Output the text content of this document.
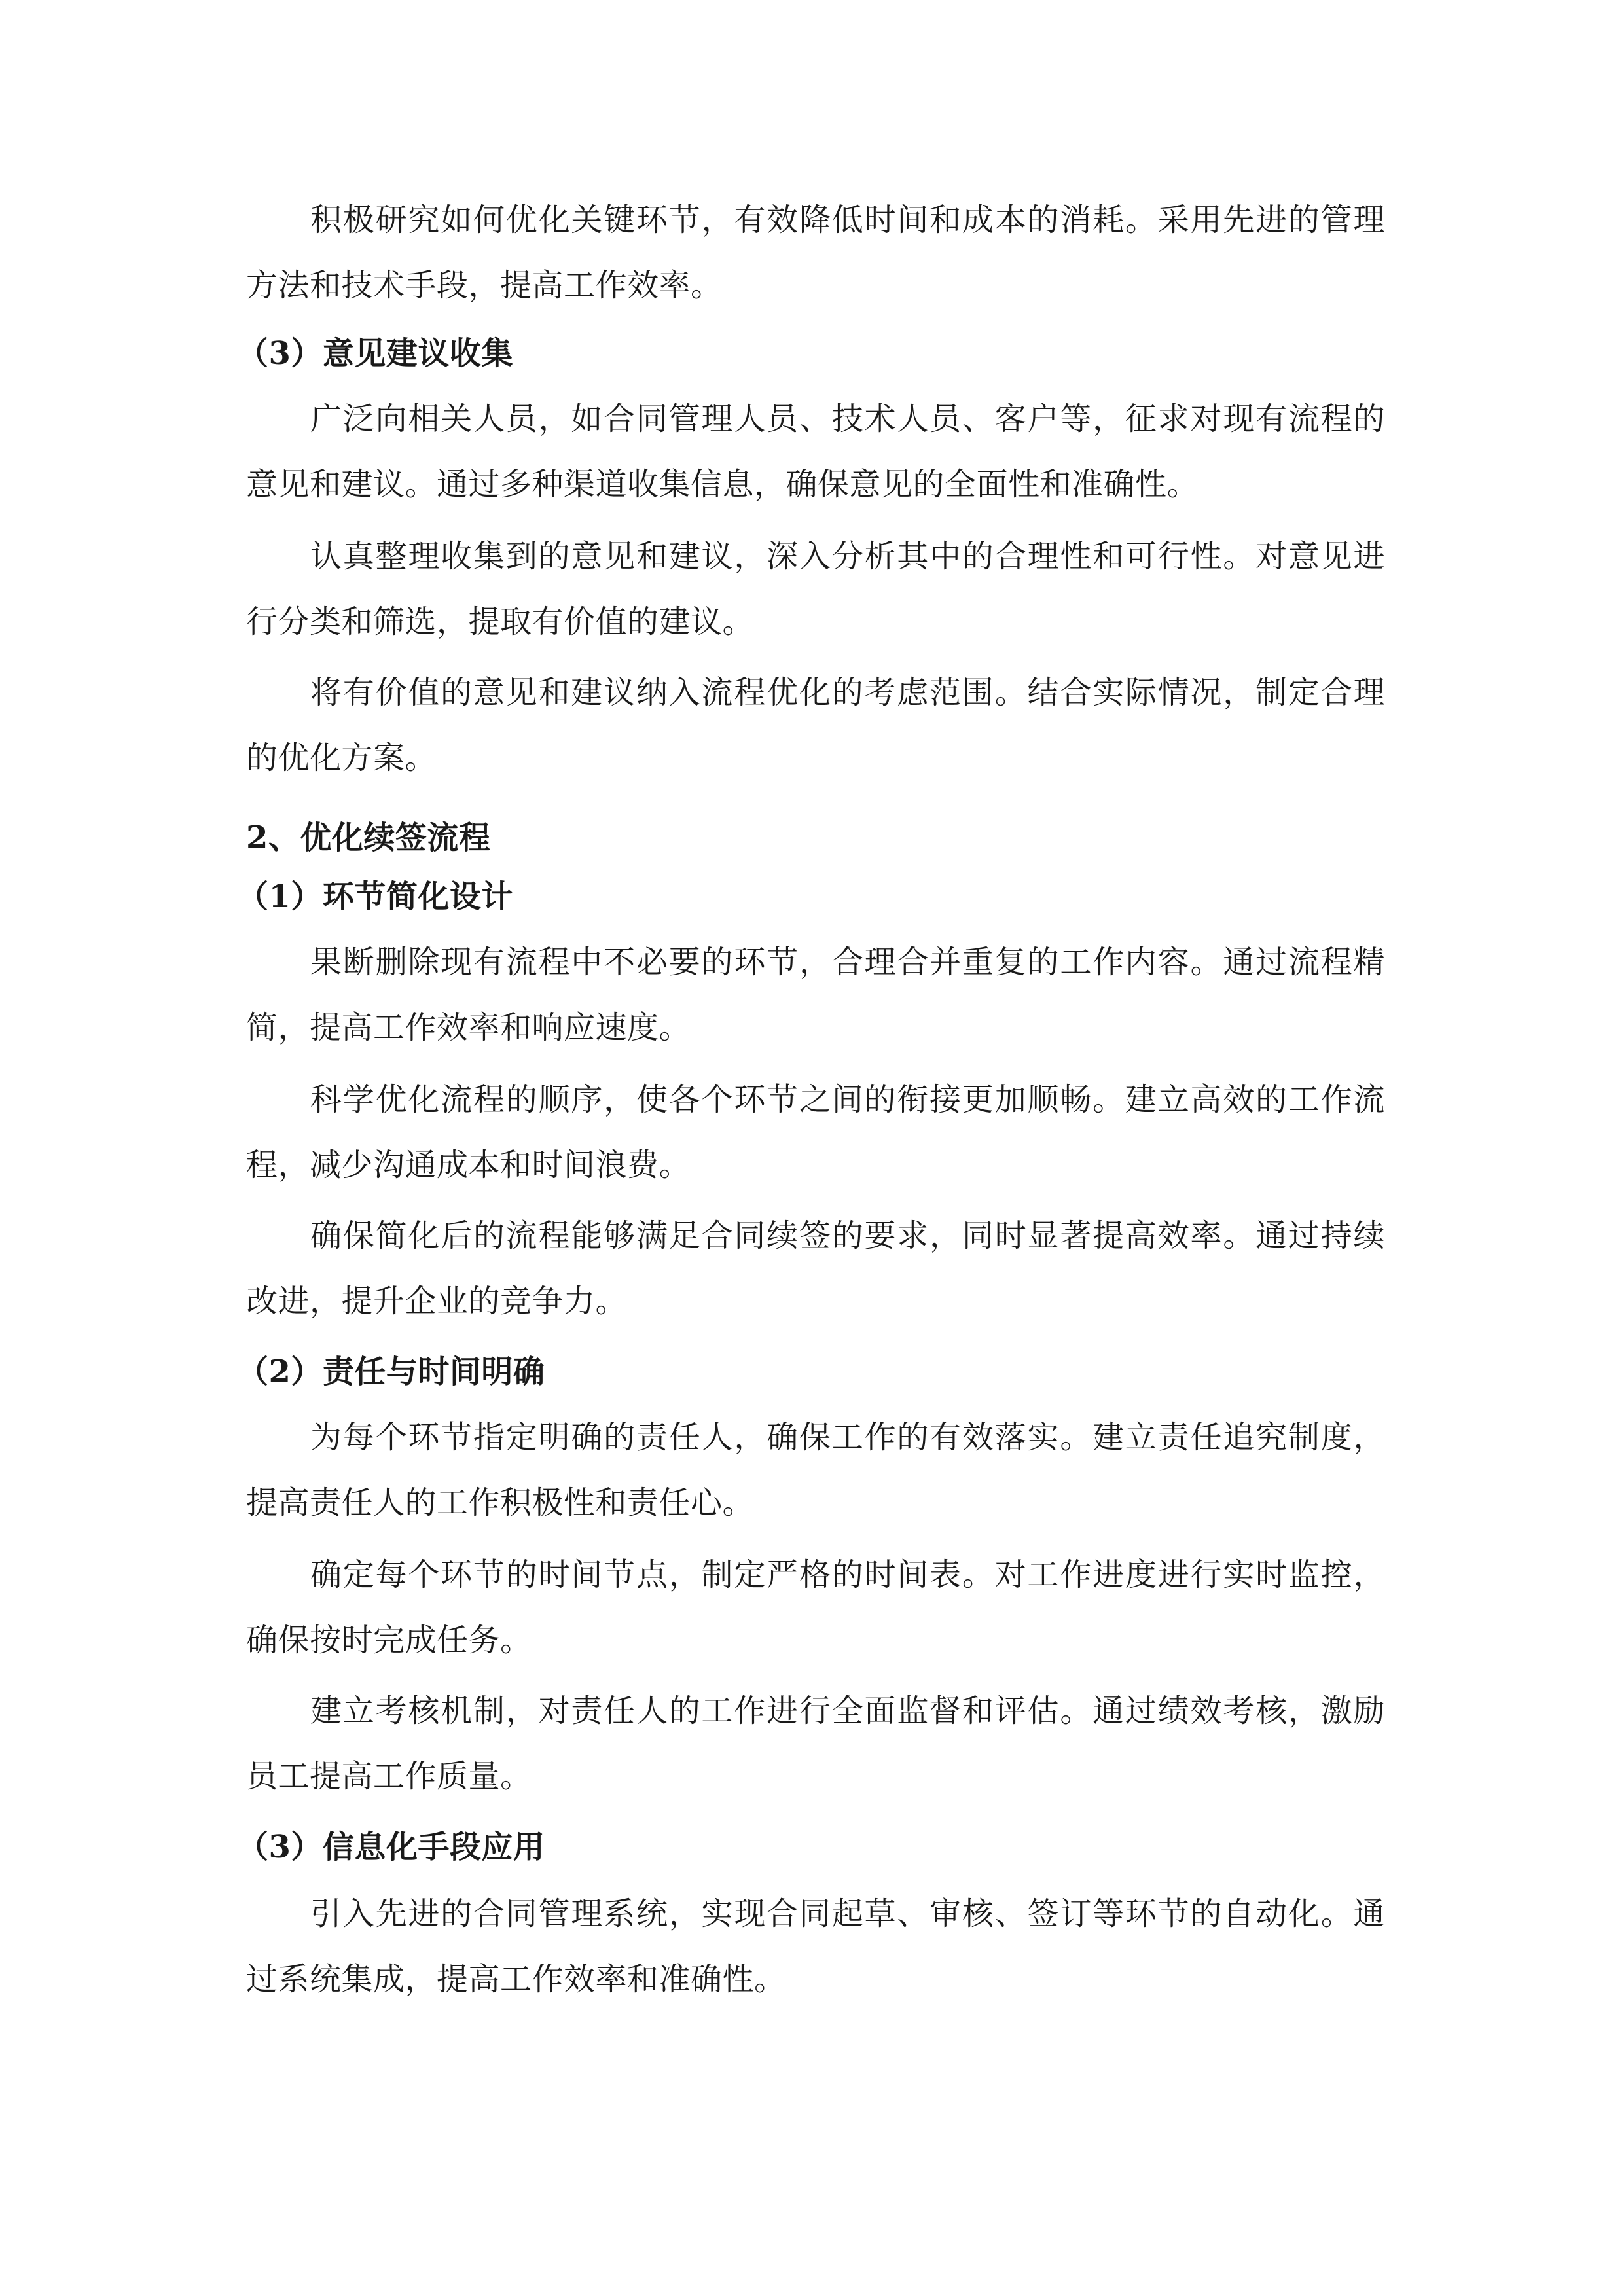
积极研究如何优化关键环节，有效降低时间和成本的消耗。采用先进的管理方法和技术手段，提高工作效率。

（3）意见建议收集

广泛向相关人员，如合同管理人员、技术人员、客户等，征求对现有流程的意见和建议。通过多种渠道收集信息，确保意见的全面性和准确性。

认真整理收集到的意见和建议，深入分析其中的合理性和可行性。对意见进行分类和筛选，提取有价值的建议。

将有价值的意见和建议纳入流程优化的考虑范围。结合实际情况，制定合理的优化方案。

2、优化续签流程
（1）环节简化设计

果断删除现有流程中不必要的环节，合理合并重复的工作内容。通过流程精简，提高工作效率和响应速度。

科学优化流程的顺序，使各个环节之间的衔接更加顺畅。建立高效的工作流程，减少沟通成本和时间浪费。

确保简化后的流程能够满足合同续签的要求，同时显著提高效率。通过持续改进，提升企业的竞争力。

（2）责任与时间明确

为每个环节指定明确的责任人，确保工作的有效落实。建立责任追究制度，提高责任人的工作积极性和责任心。

确定每个环节的时间节点，制定严格的时间表。对工作进度进行实时监控，确保按时完成任务。

建立考核机制，对责任人的工作进行全面监督和评估。通过绩效考核，激励员工提高工作质量。

（3）信息化手段应用

引入先进的合同管理系统，实现合同起草、审核、签订等环节的自动化。通过系统集成，提高工作效率和准确性。
